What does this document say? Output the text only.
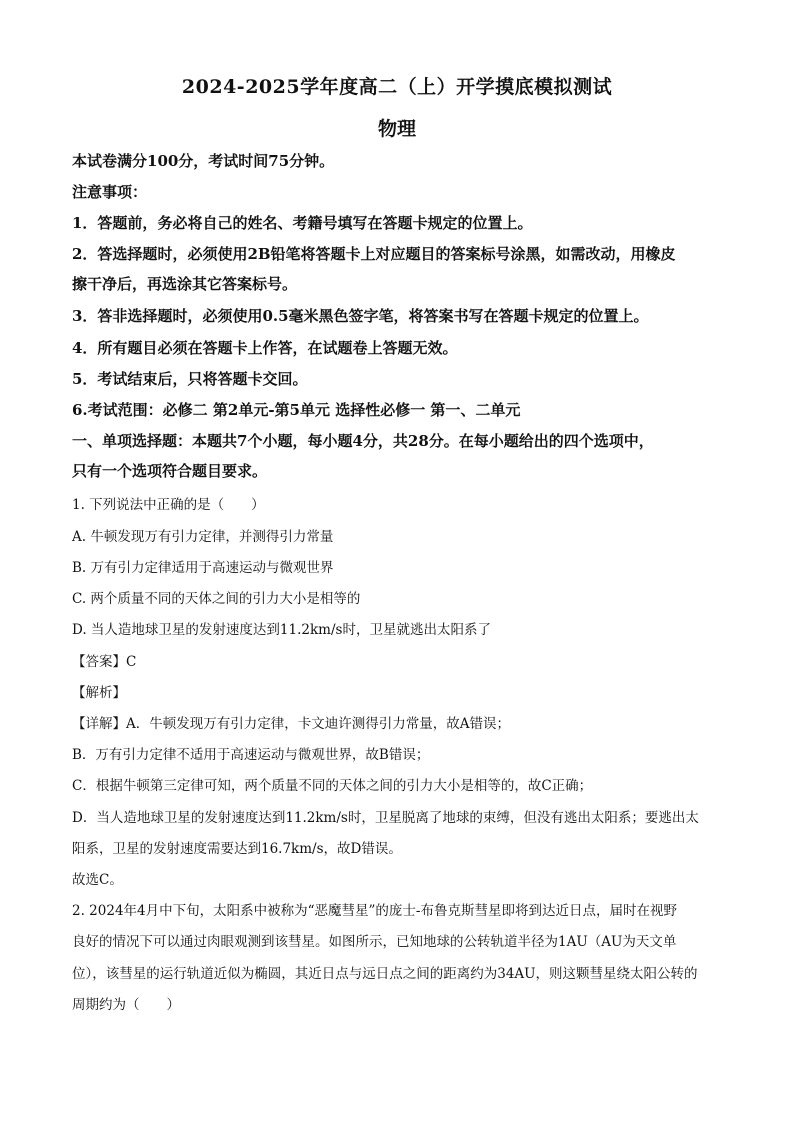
2024-2025学年度高二（上）开学摸底模拟测试
物理
本试卷满分100分，考试时间75分钟。
注意事项：
1．答题前，务必将自己的姓名、考籍号填写在答题卡规定的位置上。
2．答选择题时，必须使用2B铅笔将答题卡上对应题目的答案标号涂黑，如需改动，用橡皮
擦干净后，再选涂其它答案标号。
3．答非选择题时，必须使用0.5毫米黑色签字笔，将答案书写在答题卡规定的位置上。
4．所有题目必须在答题卡上作答，在试题卷上答题无效。
5．考试结束后，只将答题卡交回。
6.考试范围：必修二 第2单元-第5单元 选择性必修一 第一、二单元
一、单项选择题：本题共7个小题，每小题4分，共28分。在每小题给出的四个选项中，
只有一个选项符合题目要求。
1. 下列说法中正确的是（　　）
A. 牛顿发现万有引力定律，并测得引力常量
B. 万有引力定律适用于高速运动与微观世界
C. 两个质量不同的天体之间的引力大小是相等的
D. 当人造地球卫星的发射速度达到11.2km/s时，卫星就逃出太阳系了
【答案】C
【解析】
【详解】A．牛顿发现万有引力定律，卡文迪许测得引力常量，故A错误；
B．万有引力定律不适用于高速运动与微观世界，故B错误；
C．根据牛顿第三定律可知，两个质量不同的天体之间的引力大小是相等的，故C正确；
D．当人造地球卫星的发射速度达到11.2km/s时，卫星脱离了地球的束缚，但没有逃出太阳系；要逃出太
阳系，卫星的发射速度需要达到16.7km/s，故D错误。
故选C。
2. 2024年4月中下旬，太阳系中被称为“恶魔彗星”的庞士-布鲁克斯彗星即将到达近日点，届时在视野
良好的情况下可以通过肉眼观测到该彗星。如图所示，已知地球的公转轨道半径为1AU（AU为天文单
位），该彗星的运行轨道近似为椭圆，其近日点与远日点之间的距离约为34AU，则这颗彗星绕太阳公转的
周期约为（　　）
